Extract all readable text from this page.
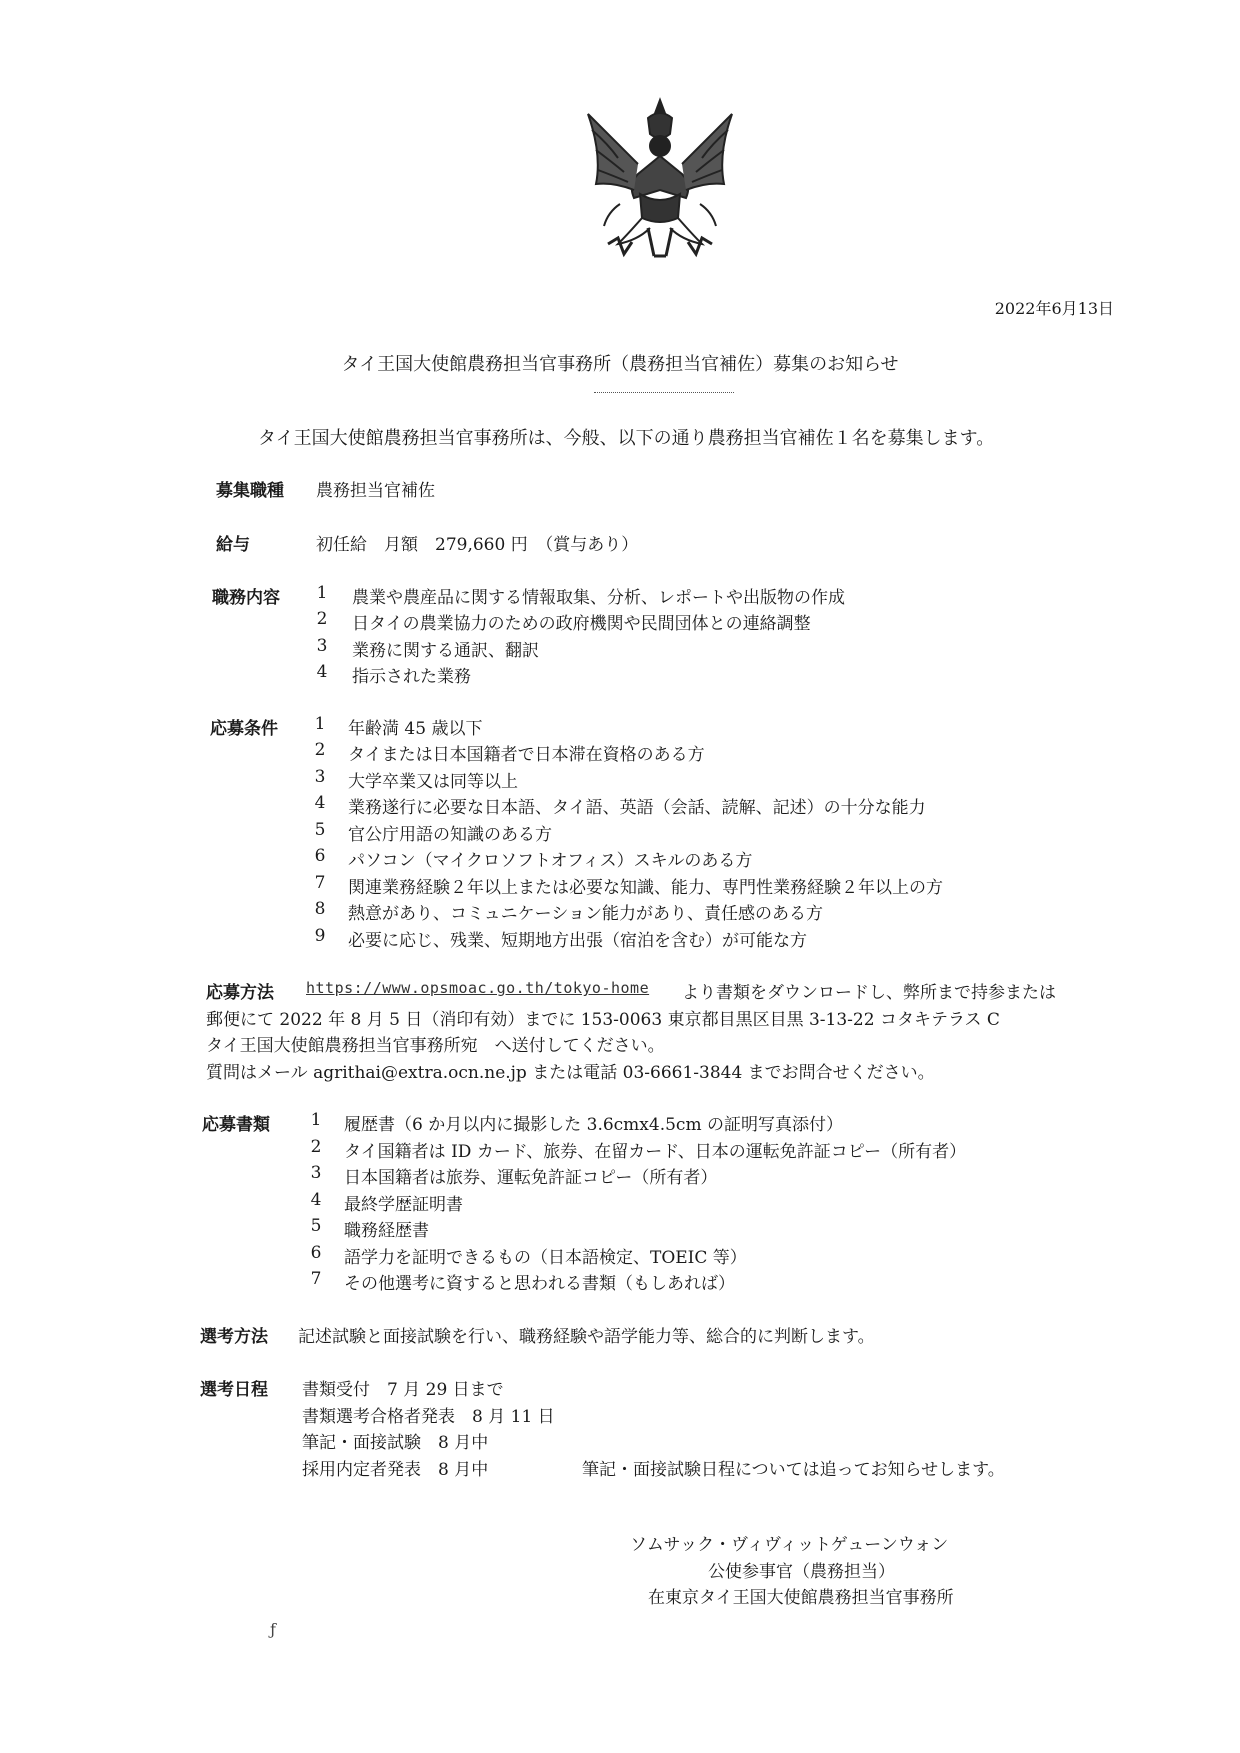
2022年6月13日
タイ王国大使館農務担当官事務所（農務担当官補佐）募集のお知らせ
タイ王国大使館農務担当官事務所は、今般、以下の通り農務担当官補佐１名を募集します。
募集職種 農務担当官補佐
給与	初任給　月額　279,660 円　（賞与あり）
職務内容 1 農業や農産品に関する情報取集、分析、レポートや出版物の作成
2 日タイの農業協力のための政府機関や民間団体との連絡調整
3 業務に関する通訳、翻訳
4 指示された業務
応募条件 1 年齢満 45 歳以下
2 タイまたは日本国籍者で日本滞在資格のある方
3 大学卒業又は同等以上
4 業務遂行に必要な日本語、タイ語、英語（会話、読解、記述）の十分な能力
5 官公庁用語の知識のある方
6 パソコン（マイクロソフトオフィス）スキルのある方
7 関連業務経験２年以上または必要な知識、能力、専門性業務経験２年以上の方
8 熱意があり、コミュニケーション能力があり、責任感のある方
9 必要に応じ、残業、短期地方出張（宿泊を含む）が可能な方
応募方法 https://www.opsmoac.go.th/tokyo-home より書類をダウンロードし、弊所まで持参または
郵便にて 2022 年 8 月 5 日（消印有効）までに 153-0063 東京都目黒区目黒 3-13-22 コタキテラス C
タイ王国大使館農務担当官事務所宛　へ送付してください。
質問はメール agrithai@extra.ocn.ne.jp または電話 03-6661-3844 までお問合せください。
応募書類 1 履歴書（6 か月以内に撮影した 3.6cmx4.5cm の証明写真添付）
2 タイ国籍者は ID カード、旅券、在留カード、日本の運転免許証コピー（所有者）
3 日本国籍者は旅券、運転免許証コピー（所有者）
4 最終学歴証明書
5 職務経歴書
6 語学力を証明できるもの（日本語検定、TOEIC 等）
7 その他選考に資すると思われる書類（もしあれば）
選考方法 記述試験と面接試験を行い、職務経験や語学能力等、総合的に判断します。
選考日程 書類受付　7 月 29 日まで
書類選考合格者発表　8 月 11 日
筆記・面接試験　8 月中
採用内定者発表　8 月中	筆記・面接試験日程については追ってお知らせします。
ソムサック・ヴィヴィットゲューンウォン
公使参事官（農務担当）
在東京タイ王国大使館農務担当官事務所
ƒ
